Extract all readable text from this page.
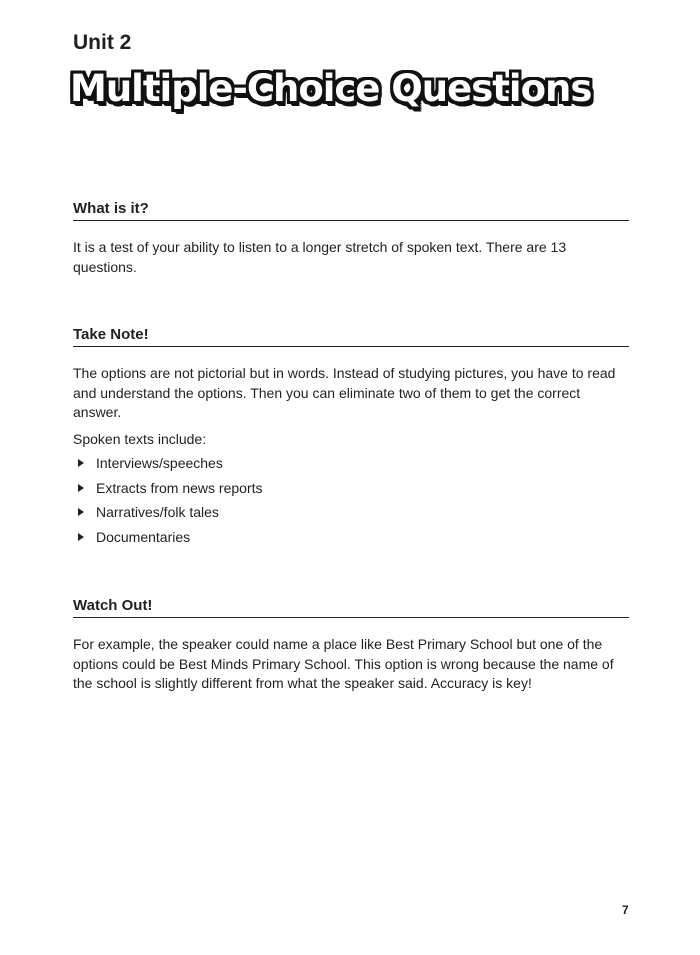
Unit 2
Multiple-Choice Questions
What is it?

It is a test of your ability to listen to a longer stretch of spoken text. There are 13 questions.

Take Note!

The options are not pictorial but in words. Instead of studying pictures, you have to read and understand the options. Then you can eliminate two of them to get the correct answer.

Spoken texts include:

Interviews/speeches
Extracts from news reports
Narratives/folk tales
Documentaries
Watch Out!

For example, the speaker could name a place like Best Primary School but one of the options could be Best Minds Primary School. This option is wrong because the name of the school is slightly different from what the speaker said. Accuracy is key!

7
